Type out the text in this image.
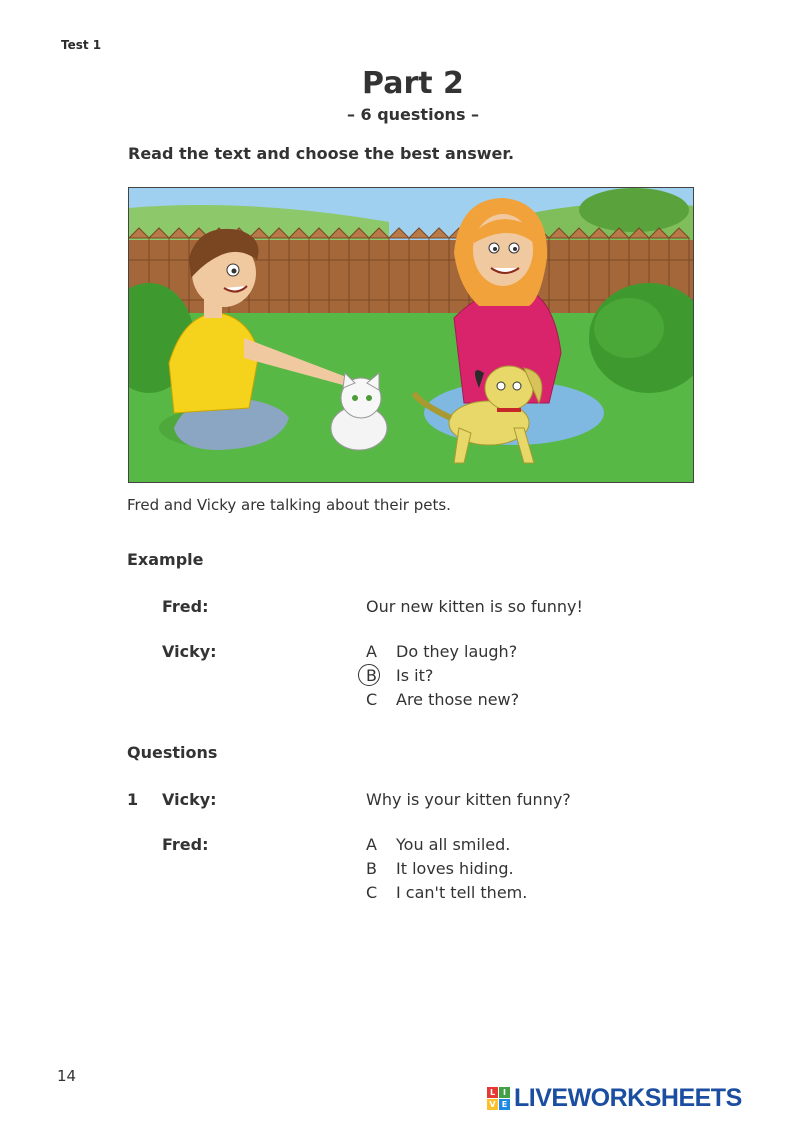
Test 1
Part 2
– 6 questions –
Read the text and choose the best answer.
Fred and Vicky are talking about their pets.
Example
Fred:	Our new kitten is so funny!
Vicky:	A Do they laugh?
B Is it?
C Are those new?
Questions
1 Vicky:	Why is your kitten funny?
Fred:	A You all smiled.
B It loves hiding.
C I can't tell them.
14
L I
V E LIVEWORKSHEETS
